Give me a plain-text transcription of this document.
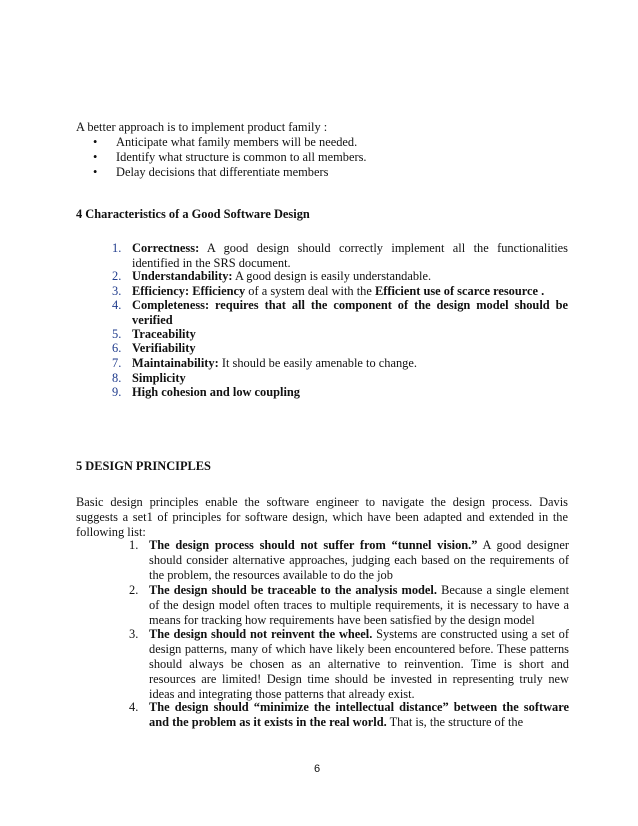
A better approach is to implement product family :
• Anticipate what family members will be needed.
• Identify what structure is common to all members.
• Delay decisions that differentiate members
4 Characteristics of a Good Software Design
1. Correctness: A good design should correctly implement all the functionalities identified in the SRS document.
2. Understandability: A good design is easily understandable.
3. Efficiency: Efficiency of a system deal with the Efficient use of scarce resource .
4. Completeness: requires that all the component of the design model should be verified
5. Traceability
6. Verifiability
7. Maintainability: It should be easily amenable to change.
8. Simplicity
9. High cohesion and low coupling
5 DESIGN PRINCIPLES
Basic design principles enable the software engineer to navigate the design process. Davis suggests a set1 of principles for software design, which have been adapted and extended in the following list:
1. The design process should not suffer from “tunnel vision.” A good designer should consider alternative approaches, judging each based on the requirements of the problem, the resources available to do the job
2. The design should be traceable to the analysis model. Because a single element of the design model often traces to multiple requirements, it is necessary to have a means for tracking how requirements have been satisfied by the design model
3. The design should not reinvent the wheel. Systems are constructed using a set of design patterns, many of which have likely been encountered before. These patterns should always be chosen as an alternative to reinvention. Time is short and resources are limited! Design time should be invested in representing truly new ideas and integrating those patterns that already exist.
4. The design should “minimize the intellectual distance” between the software and the problem as it exists in the real world. That is, the structure of the
6
